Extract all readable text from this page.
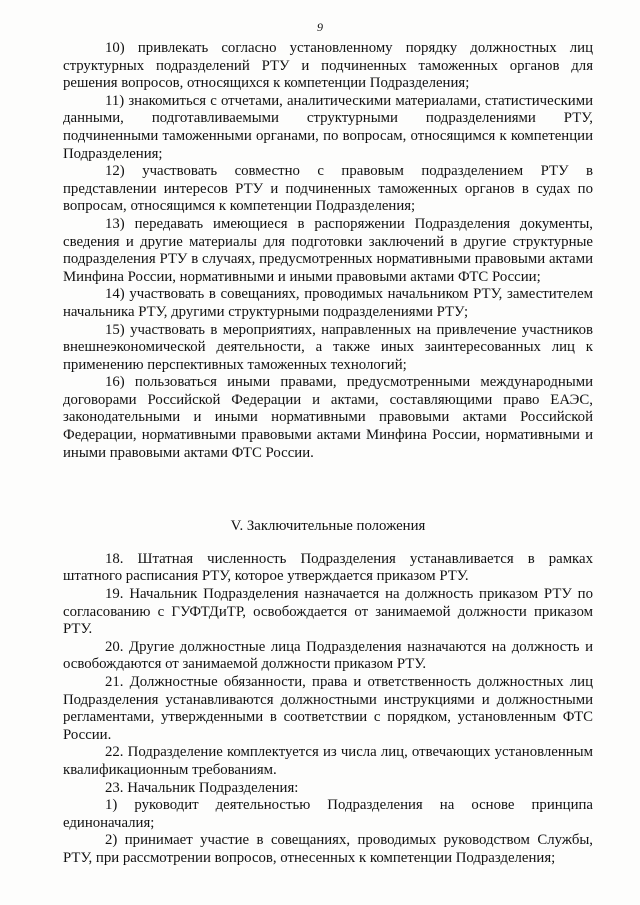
9

10) привлекать согласно установленному порядку должностных лиц структурных подразделений РТУ и подчиненных таможенных органов для решения вопросов, относящихся к компетенции Подразделения;

11) знакомиться с отчетами, аналитическими материалами, статистическими данными, подготавливаемыми структурными подразделениями РТУ, подчиненными таможенными органами, по вопросам, относящимся к компетенции Подразделения;

12) участвовать совместно с правовым подразделением РТУ в представлении интересов РТУ и подчиненных таможенных органов в судах по вопросам, относящимся к компетенции Подразделения;

13) передавать имеющиеся в распоряжении Подразделения документы, сведения и другие материалы для подготовки заключений в другие структурные подразделения РТУ в случаях, предусмотренных нормативными правовыми актами Минфина России, нормативными и иными правовыми актами ФТС России;

14) участвовать в совещаниях, проводимых начальником РТУ, заместителем начальника РТУ, другими структурными подразделениями РТУ;

15) участвовать в мероприятиях, направленных на привлечение участников внешнеэкономической деятельности, а также иных заинтересованных лиц к применению перспективных таможенных технологий;

16) пользоваться иными правами, предусмотренными международными договорами Российской Федерации и актами, составляющими право ЕАЭС, законодательными и иными нормативными правовыми актами Российской Федерации, нормативными правовыми актами Минфина России, нормативными и иными правовыми актами ФТС России.

V. Заключительные положения

18. Штатная численность Подразделения устанавливается в рамках штатного расписания РТУ, которое утверждается приказом РТУ.

19. Начальник Подразделения назначается на должность приказом РТУ по согласованию с ГУФТДиТР, освобождается от занимаемой должности приказом РТУ.

20. Другие должностные лица Подразделения назначаются на должность и освобождаются от занимаемой должности приказом РТУ.

21. Должностные обязанности, права и ответственность должностных лиц Подразделения устанавливаются должностными инструкциями и должностными регламентами, утвержденными в соответствии с порядком, установленным ФТС России.

22. Подразделение комплектуется из числа лиц, отвечающих установленным квалификационным требованиям.

23. Начальник Подразделения:

1) руководит деятельностью Подразделения на основе принципа единоначалия;

2) принимает участие в совещаниях, проводимых руководством Службы, РТУ, при рассмотрении вопросов, отнесенных к компетенции Подразделения;
